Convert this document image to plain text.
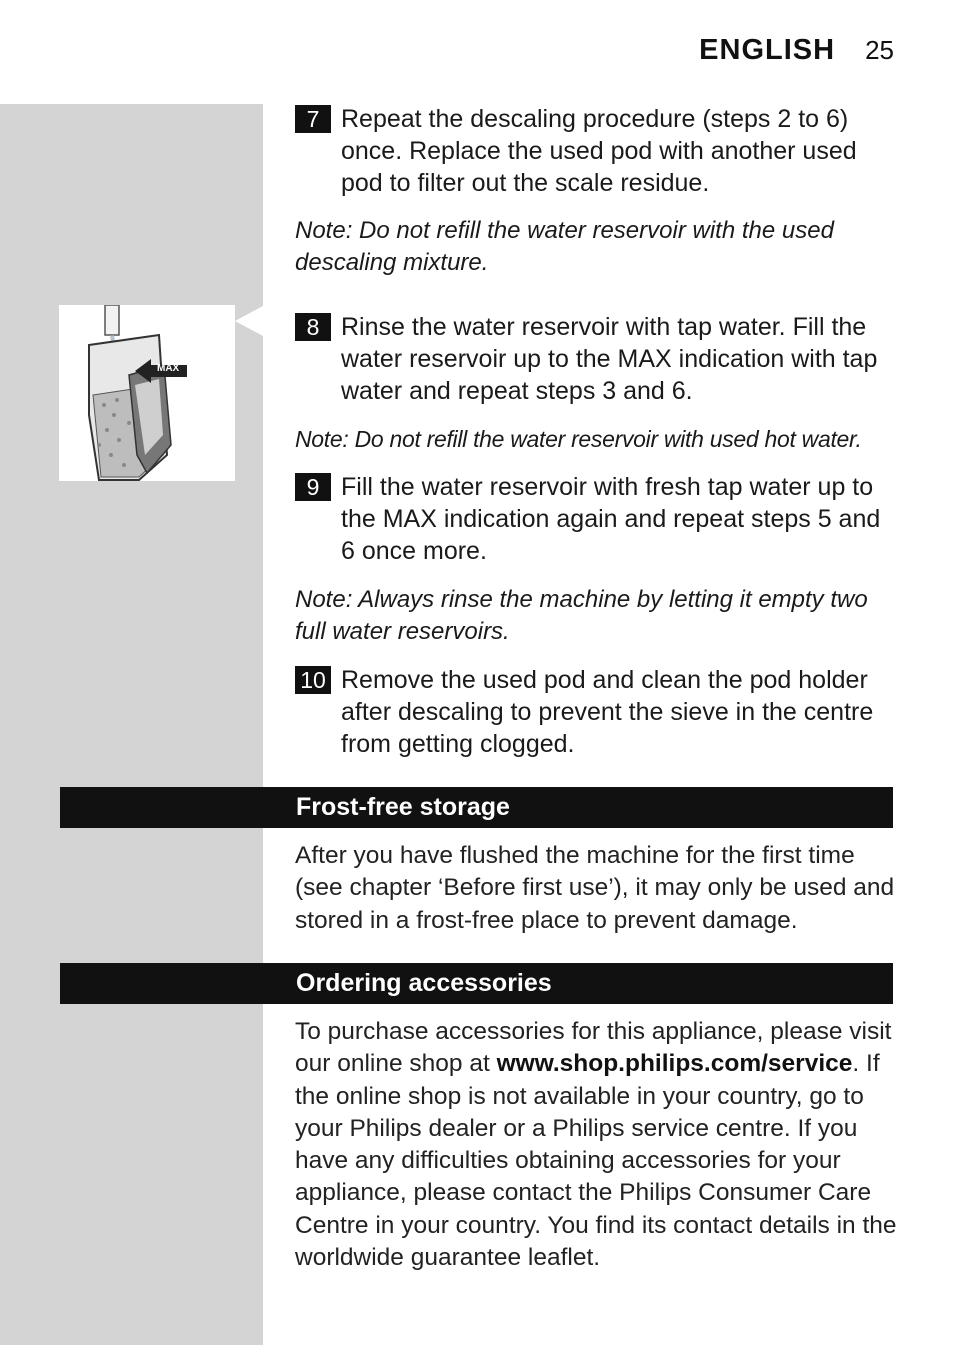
ENGLISH 25
7 Repeat the descaling procedure (steps 2 to 6) once. Replace the used pod with another used pod to filter out the scale residue.
Note: Do not refill the water reservoir with the used descaling mixture.
MAX
8 Rinse the water reservoir with tap water. Fill the water reservoir up to the MAX indication with tap water and repeat steps 3 and 6.
Note: Do not refill the water reservoir with used hot water.
9 Fill the water reservoir with fresh tap water up to the MAX indication again and repeat steps 5 and 6 once more.
Note: Always rinse the machine by letting it empty two full water reservoirs.
10 Remove the used pod and clean the pod holder after descaling to prevent the sieve in the centre from getting clogged.
Frost-free storage
After you have flushed the machine for the first time (see chapter ‘Before first use’), it may only be used and stored in a frost-free place to prevent damage.
Ordering accessories
To purchase accessories for this appliance, please visit our online shop at www.shop.philips.com/service. If the online shop is not available in your country, go to your Philips dealer or a Philips service centre. If you have any difficulties obtaining accessories for your appliance, please contact the Philips Consumer Care Centre in your country. You find its contact details in the worldwide guarantee leaflet.
